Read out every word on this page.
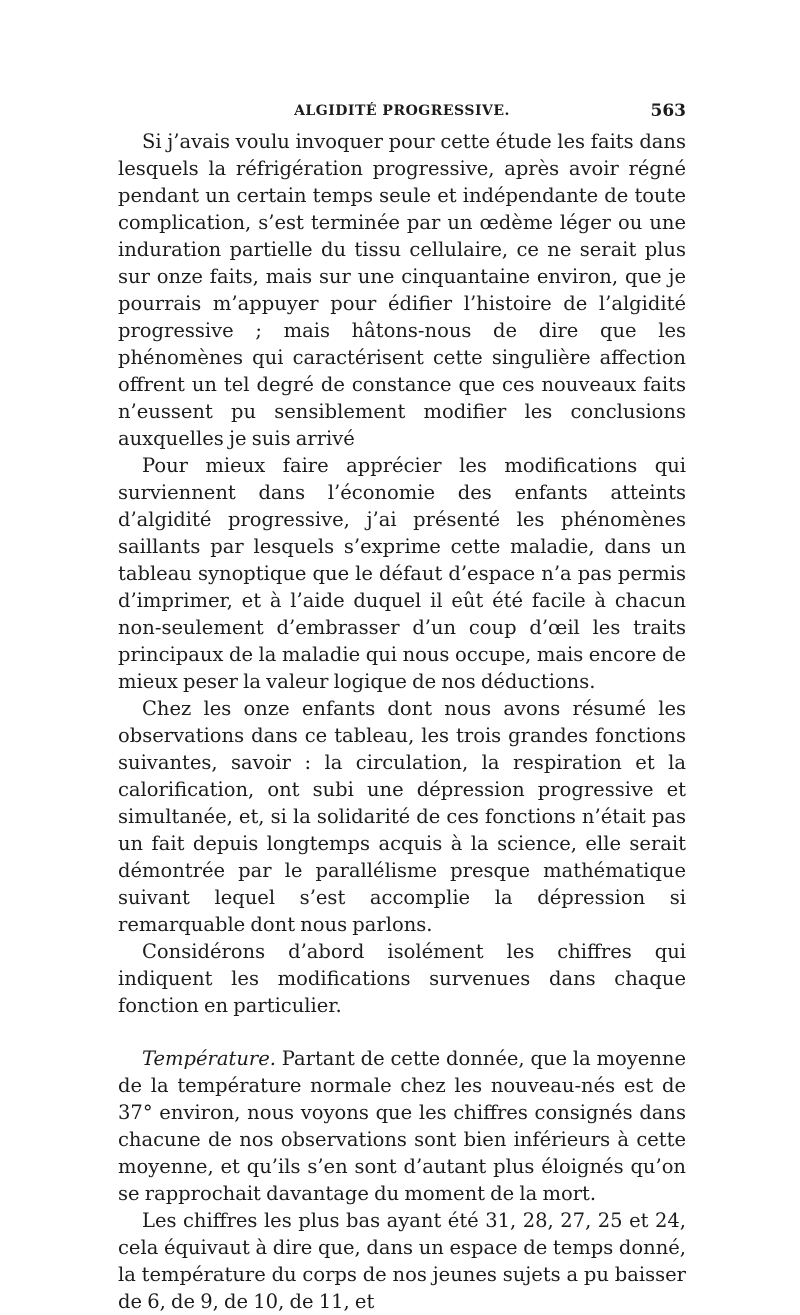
ALGIDITÉ PROGRESSIVE.	563

Si j’avais voulu invoquer pour cette étude les faits dans lesquels la réfrigération progressive, après avoir régné pendant un certain temps seule et indépendante de toute complication, s’est terminée par un œdème léger ou une induration partielle du tissu cellulaire, ce ne serait plus sur onze faits, mais sur une cinquantaine environ, que je pourrais m’appuyer pour édifier l’histoire de l’algidité progressive ; mais hâtons-nous de dire que les phénomènes qui caractérisent cette singulière affection offrent un tel degré de constance que ces nouveaux faits n’eussent pu sensiblement modifier les conclusions auxquelles je suis arrivé

Pour mieux faire apprécier les modifications qui surviennent dans l’économie des enfants atteints d’algidité progressive, j’ai présenté les phénomènes saillants par lesquels s’exprime cette maladie, dans un tableau synoptique que le défaut d’espace n’a pas permis d’imprimer, et à l’aide duquel il eût été facile à chacun non-seulement d’embrasser d’un coup d’œil les traits principaux de la maladie qui nous occupe, mais encore de mieux peser la valeur logique de nos déductions.

Chez les onze enfants dont nous avons résumé les observations dans ce tableau, les trois grandes fonctions suivantes, savoir : la circulation, la respiration et la calorification, ont subi une dépression progressive et simultanée, et, si la solidarité de ces fonctions n’était pas un fait depuis longtemps acquis à la science, elle serait démontrée par le parallélisme presque mathématique suivant lequel s’est accomplie la dépression si remarquable dont nous parlons.

Considérons d’abord isolément les chiffres qui indiquent les modifications survenues dans chaque fonction en particulier.

Température. Partant de cette donnée, que la moyenne de la température normale chez les nouveau-nés est de 37° environ, nous voyons que les chiffres consignés dans chacune de nos observations sont bien inférieurs à cette moyenne, et qu’ils s’en sont d’autant plus éloignés qu’on se rapprochait davantage du moment de la mort.

Les chiffres les plus bas ayant été 31, 28, 27, 25 et 24, cela équivaut à dire que, dans un espace de temps donné, la température du corps de nos jeunes sujets a pu baisser de 6, de 9, de 10, de 11, et
